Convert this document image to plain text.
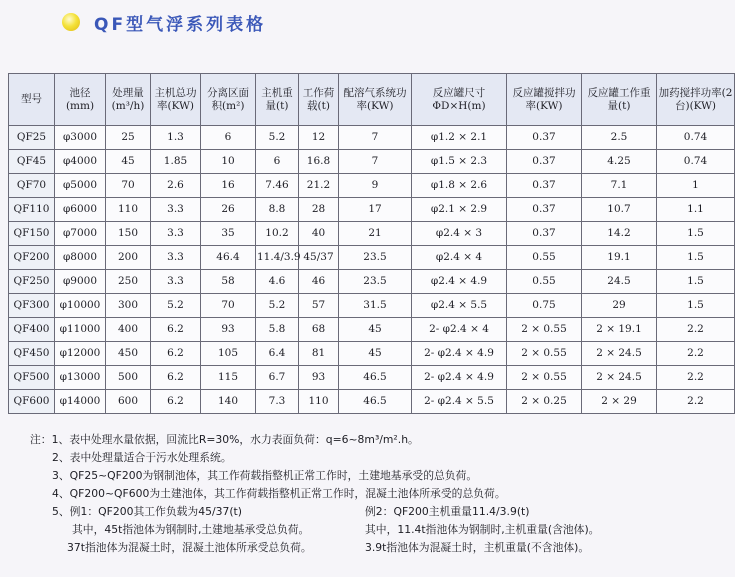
QF型气浮系列表格
型号	池径(mm)	处理量(m³/h)	主机总功率(KW)	分离区面积(m²)	主机重量(t)	工作荷载(t)	配溶气系统功率(KW)	反应罐尺寸ΦD×H(m)	反应罐搅拌功率(KW)	反应罐工作重量(t)	加药搅拌功率(2台)(KW)
QF25	φ3000	25	1.3	6	5.2	12	7	φ1.2 × 2.1	0.37	2.5	0.74
QF45	φ4000	45	1.85	10	6	16.8	7	φ1.5 × 2.3	0.37	4.25	0.74
QF70	φ5000	70	2.6	16	7.46	21.2	9	φ1.8 × 2.6	0.37	7.1	1
QF110	φ6000	110	3.3	26	8.8	28	17	φ2.1 × 2.9	0.37	10.7	1.1
QF150	φ7000	150	3.3	35	10.2	40	21	φ2.4 × 3	0.37	14.2	1.5
QF200	φ8000	200	3.3	46.4	11.4/3.9	45/37	23.5	φ2.4 × 4	0.55	19.1	1.5
QF250	φ9000	250	3.3	58	4.6	46	23.5	φ2.4 × 4.9	0.55	24.5	1.5
QF300	φ10000	300	5.2	70	5.2	57	31.5	φ2.4 × 5.5	0.75	29	1.5
QF400	φ11000	400	6.2	93	5.8	68	45	2- φ2.4 × 4	2 × 0.55	2 × 19.1	2.2
QF450	φ12000	450	6.2	105	6.4	81	45	2- φ2.4 × 4.9	2 × 0.55	2 × 24.5	2.2
QF500	φ13000	500	6.2	115	6.7	93	46.5	2- φ2.4 × 4.9	2 × 0.55	2 × 24.5	2.2
QF600	φ14000	600	6.2	140	7.3	110	46.5	2- φ2.4 × 5.5	2 × 0.25	2 × 29	2.2
注：1、表中处理水量依据，回流比R=30%，水力表面负荷：q=6~8m³/m².h。
2、表中处理量适合于污水处理系统。
3、QF25~QF200为钢制池体，其工作荷载指整机正常工作时，土建地基承受的总负荷。
4、QF200~QF600为土建池体，其工作荷载指整机正常工作时，混凝土池体所承受的总负荷。
5、例1：QF200其工作负载为45/37(t)	例2：QF200主机重量11.4/3.9(t)
其中，45t指池体为钢制时,土建地基承受总负荷。	其中，11.4t指池体为钢制时,主机重量(含池体)。
37t指池体为混凝土时，混凝土池体所承受总负荷。	3.9t指池体为混凝土时，主机重量(不含池体)。
